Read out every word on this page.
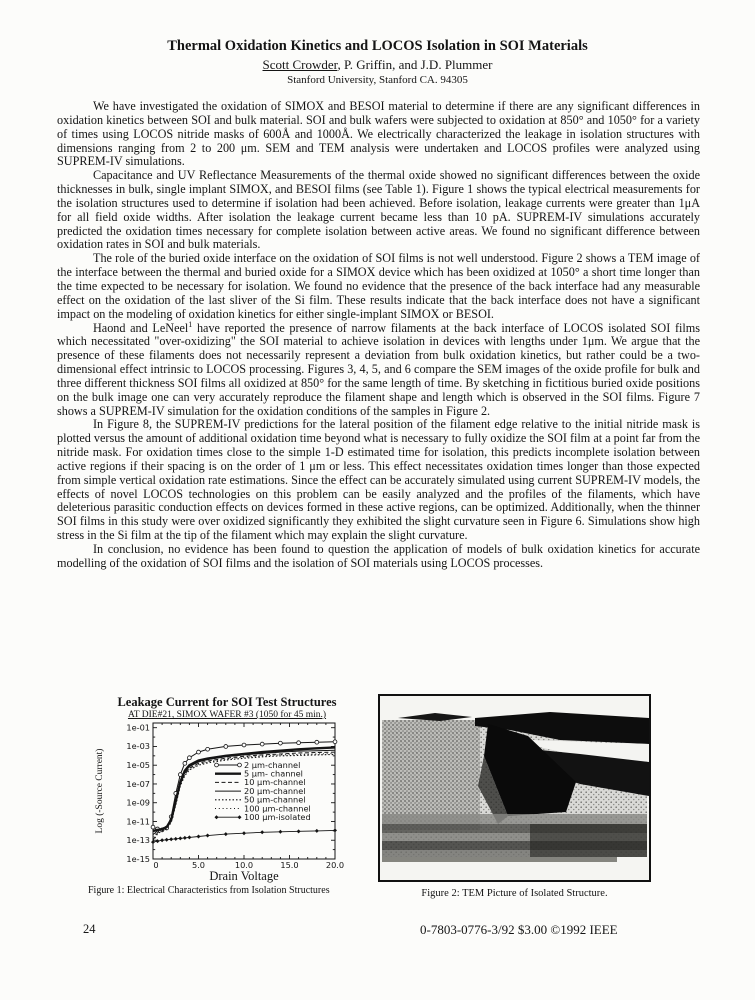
Thermal Oxidation Kinetics and LOCOS Isolation in SOI Materials
Scott Crowder, P. Griffin, and J.D. Plummer
Stanford University, Stanford CA. 94305

We have investigated the oxidation of SIMOX and BESOI material to determine if there are any significant differences in oxidation kinetics between SOI and bulk material. SOI and bulk wafers were subjected to oxidation at 850° and 1050° for a variety of times using LOCOS nitride masks of 600Å and 1000Å. We electrically characterized the leakage in isolation structures with dimensions ranging from 2 to 200 μm. SEM and TEM analysis were undertaken and LOCOS profiles were analyzed using SUPREM-IV simulations.

Capacitance and UV Reflectance Measurements of the thermal oxide showed no significant differences between the oxide thicknesses in bulk, single implant SIMOX, and BESOI films (see Table 1). Figure 1 shows the typical electrical measurements for the isolation structures used to determine if isolation had been achieved. Before isolation, leakage currents were greater than 1μA for all field oxide widths. After isolation the leakage current became less than 10 pA. SUPREM-IV simulations accurately predicted the oxidation times necessary for complete isolation between active areas. We found no significant difference between oxidation rates in SOI and bulk materials.

The role of the buried oxide interface on the oxidation of SOI films is not well understood. Figure 2 shows a TEM image of the interface between the thermal and buried oxide for a SIMOX device which has been oxidized at 1050° a short time longer than the time expected to be necessary for isolation. We found no evidence that the presence of the back interface had any measurable effect on the oxidation of the last sliver of the Si film. These results indicate that the back interface does not have a significant impact on the modeling of oxidation kinetics for either single-implant SIMOX or BESOI.

Haond and LeNeel$^1$ have reported the presence of narrow filaments at the back interface of LOCOS isolated SOI films which necessitated "over-oxidizing" the SOI material to achieve isolation in devices with lengths under 1μm. We argue that the presence of these filaments does not necessarily represent a deviation from bulk oxidation kinetics, but rather could be a two-dimensional effect intrinsic to LOCOS processing. Figures 3, 4, 5, and 6 compare the SEM images of the oxide profile for bulk and three different thickness SOI films all oxidized at 850° for the same length of time. By sketching in fictitious buried oxide positions on the bulk image one can very accurately reproduce the filament shape and length which is observed in the SOI films. Figure 7 shows a SUPREM-IV simulation for the oxidation conditions of the samples in Figure 2.

In Figure 8, the SUPREM-IV predictions for the lateral position of the filament edge relative to the initial nitride mask is plotted versus the amount of additional oxidation time beyond what is necessary to fully oxidize the SOI film at a point far from the nitride mask. For oxidation times close to the simple 1-D estimated time for isolation, this predicts incomplete isolation between active regions if their spacing is on the order of 1 μm or less. This effect necessitates oxidation times longer than those expected from simple vertical oxidation rate estimations. Since the effect can be accurately simulated using current SUPREM-IV models, the effects of novel LOCOS technologies on this problem can be easily analyzed and the profiles of the filaments, which have deleterious parasitic conduction effects on devices formed in these active regions, can be optimized. Additionally, when the thinner SOI films in this study were over oxidized significantly they exhibited the slight curvature seen in Figure 6. Simulations show high stress in the Si film at the tip of the filament which may explain the slight curvature.

In conclusion, no evidence has been found to question the application of models of bulk oxidation kinetics for accurate modelling of the oxidation of SOI films and the isolation of SOI materials using LOCOS processes.

Leakage Current for SOI Test Structures
AT DIE#21, SIMOX WAFER #3 (1050 for 45 min.)
1e-01
1e-03
1e-05
1e-07
1e-09
1e-11
1e-13
1e-15
0	5.0	10.0	15.0	20.0
Drain Voltage
Log (-Source Current)	2 μm-channel
5 μm- channel
10 μm-channel
20 μm-channel
50 μm-channel
100 μm-channel
100 μm-isolated
Figure 1: Electrical Characteristics from Isolation Structures	Figure 2: TEM Picture of Isolated Structure.
24	0-7803-0776-3/92 $3.00 ©1992 IEEE
